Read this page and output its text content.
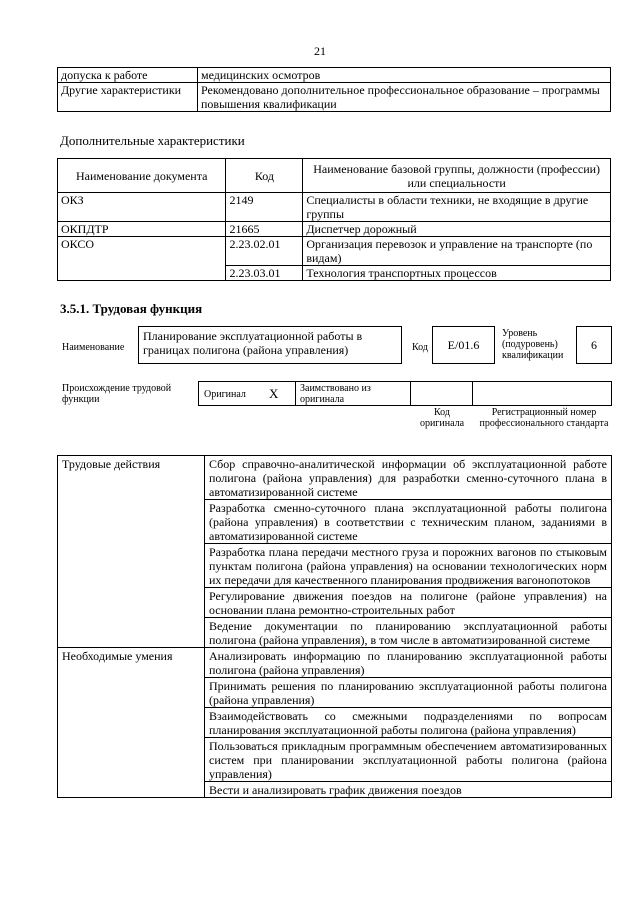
21
допуска к работе	медицинских осмотров
Другие характеристики	Рекомендовано дополнительное профессиональное образование – программы повышения квалификации
Дополнительные характеристики
Наименование документа	Код	Наименование базовой группы, должности (профессии) или специальности
ОКЗ	2149	Специалисты в области техники, не входящие в другие группы
ОКПДТР	21665	Диспетчер дорожный
ОКСО	2.23.02.01	Организация перевозок и управление на транспорте (по видам)
	2.23.03.01	Технология транспортных процессов
3.5.1. Трудовая функция
Наименование
Планирование эксплуатационной работы в границах полигона (района управления)	Код	E/01.6
Уровень (подуровень) квалификации
6
Происхождение трудовой функции	Оригинал X Заимствовано из оригинала
Код оригинала
Регистрационный номер профессионального стандарта
Трудовые действия	Сбор справочно-аналитической информации об эксплуатационной работе полигона (района управления) для разработки сменно-суточного плана в автоматизированной системе
	Разработка сменно-суточного плана эксплуатационной работы полигона (района управления) в соответствии с техническим планом, заданиями в автоматизированной системе
	Разработка плана передачи местного груза и порожних вагонов по стыковым пунктам полигона (района управления) на основании технологических норм их передачи для качественного планирования продвижения вагонопотоков
	Регулирование движения поездов на полигоне (районе управления) на основании плана ремонтно-строительных работ
	Ведение документации по планированию эксплуатационной работы полигона (района управления), в том числе в автоматизированной системе
Необходимые умения	Анализировать информацию по планированию эксплуатационной работы полигона (района управления)
	Принимать решения по планированию эксплуатационной работы полигона (района управления)
	Взаимодействовать со смежными подразделениями по вопросам планирования эксплуатационной работы полигона (района управления)
	Пользоваться прикладным программным обеспечением автоматизированных систем при планировании эксплуатационной работы полигона (района управления)
	Вести и анализировать график движения поездов
